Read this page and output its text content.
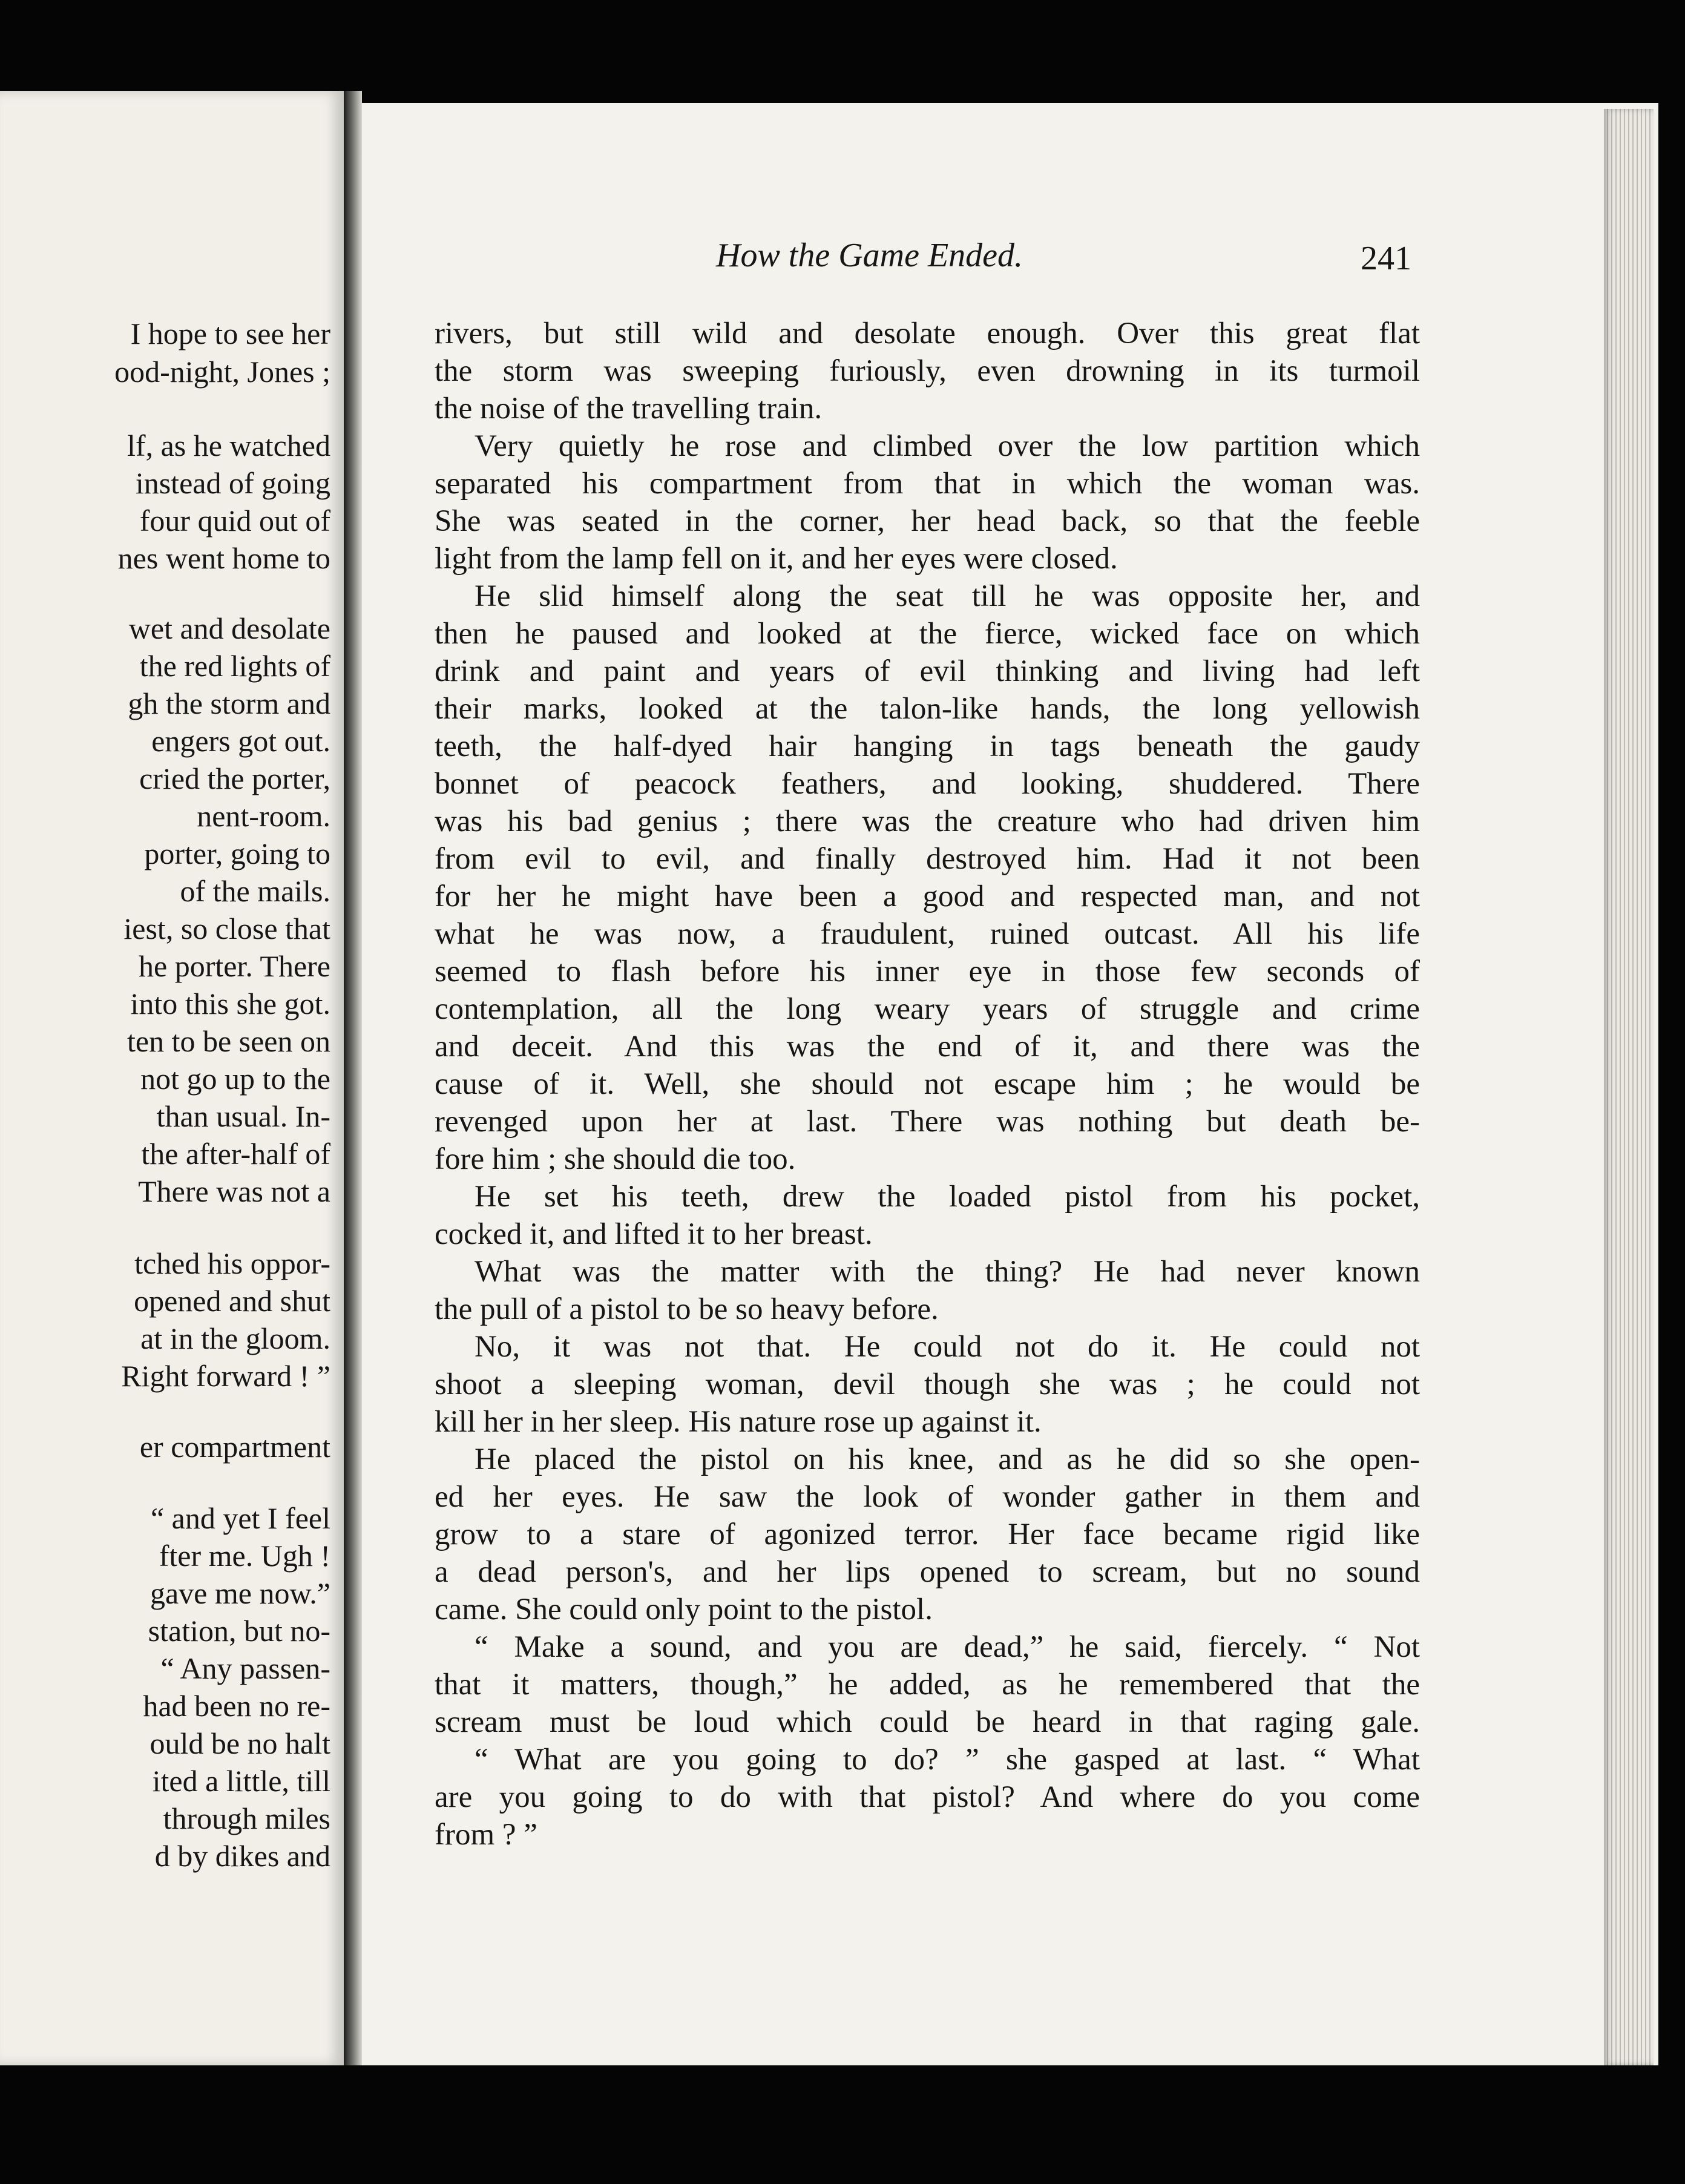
I hope to see her
ood-night, Jones ;
lf, as he watched
instead of going
four quid out of
nes went home to
wet and desolate
the red lights of
gh the storm and
engers got out.
cried the porter,
nent-room.
porter, going to
of the mails.
iest, so close that
he porter. There
into this she got.
ten to be seen on
not go up to the
than usual. In-
the after-half of
There was not a
tched his oppor-
opened and shut
at in the gloom.
Right forward ! ”
er compartment
“ and yet I feel
fter me. Ugh !
gave me now.”
station, but no-
“ Any passen-
had been no re-
ould be no halt
ited a little, till
through miles
d by dikes and
How the Game Ended.	241
rivers, but still wild and desolate enough. Over this great flat
the storm was sweeping furiously, even drowning in its turmoil
the noise of the travelling train.
Very quietly he rose and climbed over the low partition which
separated his compartment from that in which the woman was.
She was seated in the corner, her head back, so that the feeble
light from the lamp fell on it, and her eyes were closed.
He slid himself along the seat till he was opposite her, and
then he paused and looked at the fierce, wicked face on which
drink and paint and years of evil thinking and living had left
their marks, looked at the talon-like hands, the long yellowish
teeth, the half-dyed hair hanging in tags beneath the gaudy
bonnet of peacock feathers, and looking, shuddered. There
was his bad genius ; there was the creature who had driven him
from evil to evil, and finally destroyed him. Had it not been
for her he might have been a good and respected man, and not
what he was now, a fraudulent, ruined outcast. All his life
seemed to flash before his inner eye in those few seconds of
contemplation, all the long weary years of struggle and crime
and deceit. And this was the end of it, and there was the
cause of it. Well, she should not escape him ; he would be
revenged upon her at last. There was nothing but death be-
fore him ; she should die too.
He set his teeth, drew the loaded pistol from his pocket,
cocked it, and lifted it to her breast.
What was the matter with the thing? He had never known
the pull of a pistol to be so heavy before.
No, it was not that. He could not do it. He could not
shoot a sleeping woman, devil though she was ; he could not
kill her in her sleep. His nature rose up against it.
He placed the pistol on his knee, and as he did so she open-
ed her eyes. He saw the look of wonder gather in them and
grow to a stare of agonized terror. Her face became rigid like
a dead person's, and her lips opened to scream, but no sound
came. She could only point to the pistol.
“ Make a sound, and you are dead,” he said, fiercely. “ Not
that it matters, though,” he added, as he remembered that the
scream must be loud which could be heard in that raging gale.
“ What are you going to do? ” she gasped at last. “ What
are you going to do with that pistol? And where do you come
from ? ”
